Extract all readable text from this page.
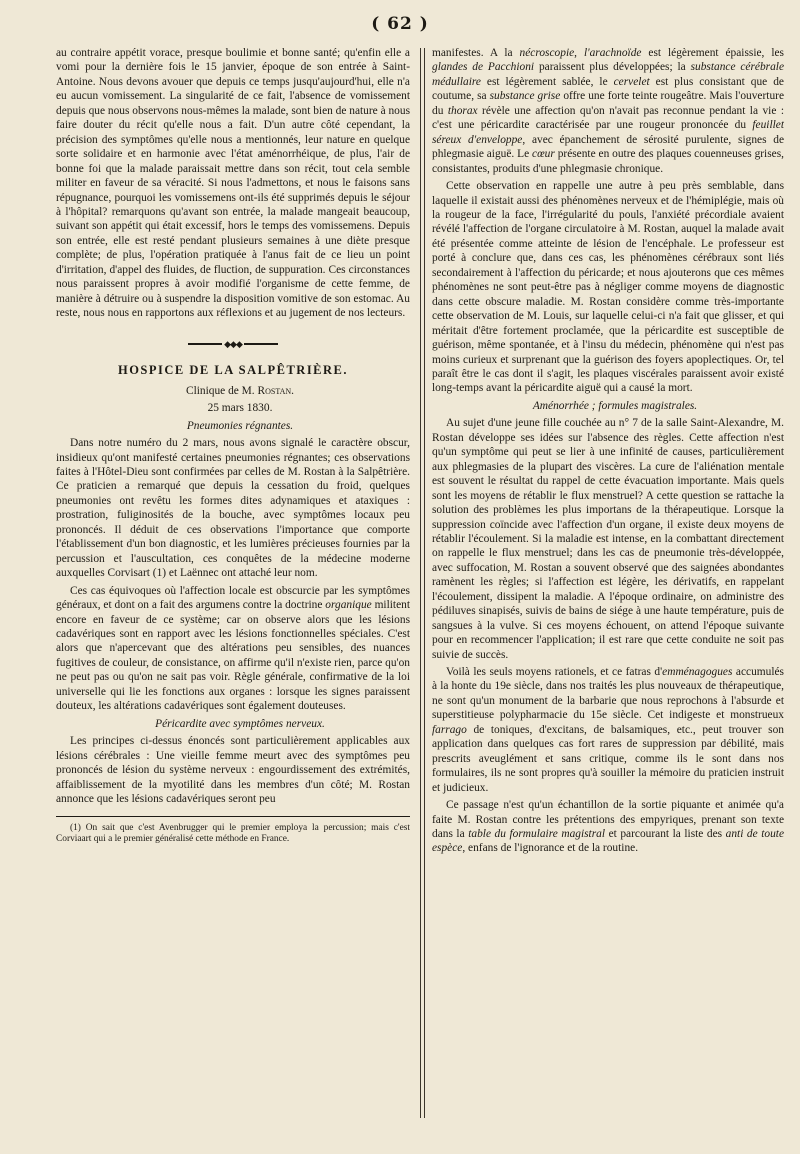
( 62 )

au contraire appétit vorace, presque boulimie et bonne santé; qu'enfin elle a vomi pour la dernière fois le 15 janvier, époque de son entrée à Saint-Antoine. Nous devons avouer que depuis ce temps jusqu'aujourd'hui, elle n'a eu aucun vomissement. La singularité de ce fait, l'absence de vomissement depuis que nous observons nous-mêmes la malade, sont bien de nature à nous faire douter du récit qu'elle nous a fait. D'un autre côté cependant, la précision des symptômes qu'elle nous a mentionnés, leur nature en quelque sorte solidaire et en harmonie avec l'état aménorrhéique, de plus, l'air de bonne foi que la malade paraissait mettre dans son récit, tout cela semble militer en faveur de sa véracité. Si nous l'admettons, et nous le faisons sans répugnance, pourquoi les vomissemens ont-ils été supprimés depuis le séjour à l'hôpital? remarquons qu'avant son entrée, la malade mangeait beaucoup, suivant son appétit qui était excessif, hors le temps des vomissemens. Depuis son entrée, elle est resté pendant plusieurs semaines à une diète presque complète; de plus, l'opération pratiquée à l'anus fait de ce lieu un point d'irritation, d'appel des fluides, de fluction, de suppuration. Ces circonstances nous paraissent propres à avoir modifié l'organisme de cette femme, de manière à détruire ou à suspendre la disposition vomitive de son estomac. Au reste, nous nous en rapportons aux réflexions et au jugement de nos lecteurs.

◆◆◆
HOSPICE DE LA SALPÊTRIÈRE.

Clinique de M. Rostan.

25 mars 1830.

Pneumonies régnantes.

Dans notre numéro du 2 mars, nous avons signalé le caractère obscur, insidieux qu'ont manifesté certaines pneumonies régnantes; ces observations faites à l'Hôtel-Dieu sont confirmées par celles de M. Rostan à la Salpêtrière. Ce praticien a remarqué que depuis la cessation du froid, quelques pneumonies ont revêtu les formes dites adynamiques et ataxiques : prostration, fuliginosités de la bouche, avec symptômes locaux peu prononcés. Il déduit de ces observations l'importance que comporte l'établissement d'un bon diagnostic, et les lumières précieuses fournies par la percussion et l'auscultation, ces conquêtes de la médecine moderne auxquelles Corvisart (1) et Laënnec ont attaché leur nom.

Ces cas équivoques où l'affection locale est obscurcie par les symptômes généraux, et dont on a fait des argumens contre la doctrine organique militent encore en faveur de ce système; car on observe alors que les lésions cadavériques sont en rapport avec les lésions fonctionnelles spéciales. C'est alors que n'apercevant que des altérations peu sensibles, des nuances fugitives de couleur, de consistance, on affirme qu'il n'existe rien, parce qu'on ne peut pas ou qu'on ne sait pas voir. Règle générale, confirmative de la loi universelle qui lie les fonctions aux organes : lorsque les signes paraissent douteux, les altérations cadavériques sont également douteuses.

Péricardite avec symptômes nerveux.

Les principes ci-dessus énoncés sont particulièrement applicables aux lésions cérébrales : Une vieille femme meurt avec des symptômes peu prononcés de lésion du système nerveux : engourdissement des extrémités, affaiblissement de la myotilité dans les membres d'un côté; M. Rostan annonce que les lésions cadavériques seront peu

(1) On sait que c'est Avenbrugger qui le premier employa la percussion; mais c'est Corviaart qui a le premier généralisé cette méthode en France.

manifestes. A la nécroscopie, l'arachnoïde est légèrement épaissie, les glandes de Pacchioni paraissent plus développées; la substance cérébrale médullaire est légèrement sablée, le cervelet est plus consistant que de coutume, sa substance grise offre une forte teinte rougeâtre. Mais l'ouverture du thorax révèle une affection qu'on n'avait pas reconnue pendant la vie : c'est une péricardite caractérisée par une rougeur prononcée du feuillet séreux d'enveloppe, avec épanchement de sérosité purulente, signes de phlegmasie aiguë. Le cœur présente en outre des plaques couenneuses grises, consistantes, produits d'une phlegmasie chronique.

Cette observation en rappelle une autre à peu près semblable, dans laquelle il existait aussi des phénomènes nerveux et de l'hémiplégie, mais où la rougeur de la face, l'irrégularité du pouls, l'anxiété précordiale avaient révélé l'affection de l'organe circulatoire à M. Rostan, auquel la malade avait été présentée comme atteinte de lésion de l'encéphale. Le professeur est porté à conclure que, dans ces cas, les phénomènes cérébraux sont liés secondairement à l'affection du péricarde; et nous ajouterons que ces mêmes phénomènes ne sont peut-être pas à négliger comme moyens de diagnostic dans cette obscure maladie. M. Rostan considère comme très-importante cette observation de M. Louis, sur laquelle celui-ci n'a fait que glisser, et qui méritait d'être fortement proclamée, que la péricardite est susceptible de guérison, même spontanée, et à l'insu du médecin, phénomène qui n'est pas moins curieux et surprenant que la guérison des foyers apoplectiques. Or, tel paraît être le cas dont il s'agit, les plaques viscérales paraissent avoir existé long-temps avant la péricardite aiguë qui a causé la mort.

Aménorrhée ; formules magistrales.

Au sujet d'une jeune fille couchée au n° 7 de la salle Saint-Alexandre, M. Rostan développe ses idées sur l'absence des règles. Cette affection n'est qu'un symptôme qui peut se lier à une infinité de causes, particulièrement aux phlegmasies de la plupart des viscères. La cure de l'aliénation mentale est souvent le résultat du rappel de cette évacuation importante. Mais quels sont les moyens de rétablir le flux menstruel? A cette question se rattache la solution des problèmes les plus importans de la thérapeutique. Lorsque la suppression coïncide avec l'affection d'un organe, il existe deux moyens de rétablir l'écoulement. Si la maladie est intense, en la combattant directement on rappelle le flux menstruel; dans les cas de pneumonie très-développée, avec suffocation, M. Rostan a souvent observé que des saignées abondantes ramènent les règles; si l'affection est légère, les dérivatifs, en rappelant l'écoulement, dissipent la maladie. A l'époque ordinaire, on administre des pédiluves sinapisés, suivis de bains de siége à une haute température, puis de sangsues à la vulve. Si ces moyens échouent, on attend l'époque suivante pour en recommencer l'application; il est rare que cette conduite ne soit pas suivie de succès.

Voilà les seuls moyens rationels, et ce fatras d'emménagogues accumulés à la honte du 19e siècle, dans nos traités les plus nouveaux de thérapeutique, ne sont qu'un monument de la barbarie que nous reprochons à l'absurde et superstitieuse polypharmacie du 15e siècle. Cet indigeste et monstrueux farrago de toniques, d'excitans, de balsamiques, etc., peut trouver son application dans quelques cas fort rares de suppression par débilité, mais prescrits aveuglément et sans critique, comme ils le sont dans nos formulaires, ils ne sont propres qu'à souiller la mémoire du praticien instruit et judicieux.

Ce passage n'est qu'un échantillon de la sortie piquante et animée qu'a faite M. Rostan contre les prétentions des empyriques, prenant son texte dans la table du formulaire magistral et parcourant la liste des anti de toute espèce, enfans de l'ignorance et de la routine.
